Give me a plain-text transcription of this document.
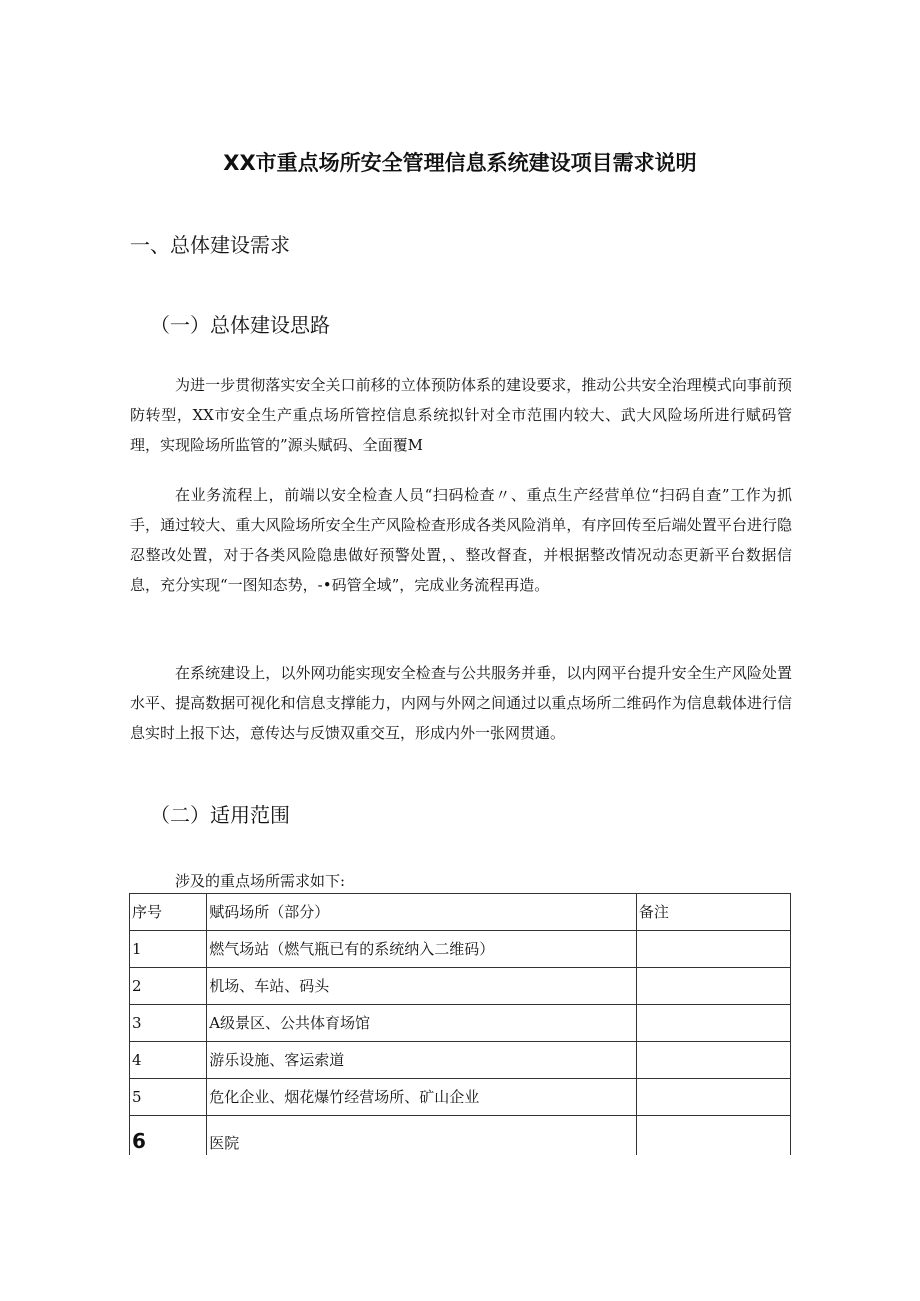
XX市重点场所安全管理信息系统建设项目需求说明
一、总体建设需求
（一）总体建设思路

为进一步贯彻落实安全关口前移的立体预防体系的建设要求，推动公共安全治理模式向事前预防转型，XX市安全生产重点场所管控信息系统拟针对全市范围内较大、武大风险场所进行赋码管理，实现险场所监管的”源头赋码、全面覆M

在业务流程上，前端以安全检查人员“扫码检查〃、重点生产经营单位“扫码自查”工作为抓手，通过较大、重大风险场所安全生产风险检查形成各类风险消单，有序回传至后端处置平台进行隐忍整改处置，对于各类风险隐患做好预警处置，、整改督査，并根据整改情况动态更新平台数据信息，充分实现“一图知态势，-•码管全域”，完成业务流程再造。

在系统建设上，以外网功能实现安全检查与公共服务并垂，以内网平台提升安全生产风险处置水平、提高数据可视化和信息支撑能力，内网与外网之间通过以重点场所二维码作为信息载体进行信息实时上报下达，意传达与反馈双重交互，形成内外一张网贯通。

（二）适用范围
涉及的重点场所需求如下:
序号	赋码场所（部分）	备注
1	燃气场站（燃气瓶已有的系统纳入二维码）	
2	机场、车站、码头	
3	A级景区、公共体育场馆	
4	游乐设施、客运索道	
5	危化企业、烟花爆竹经营场所、矿山企业	
6	医院	
